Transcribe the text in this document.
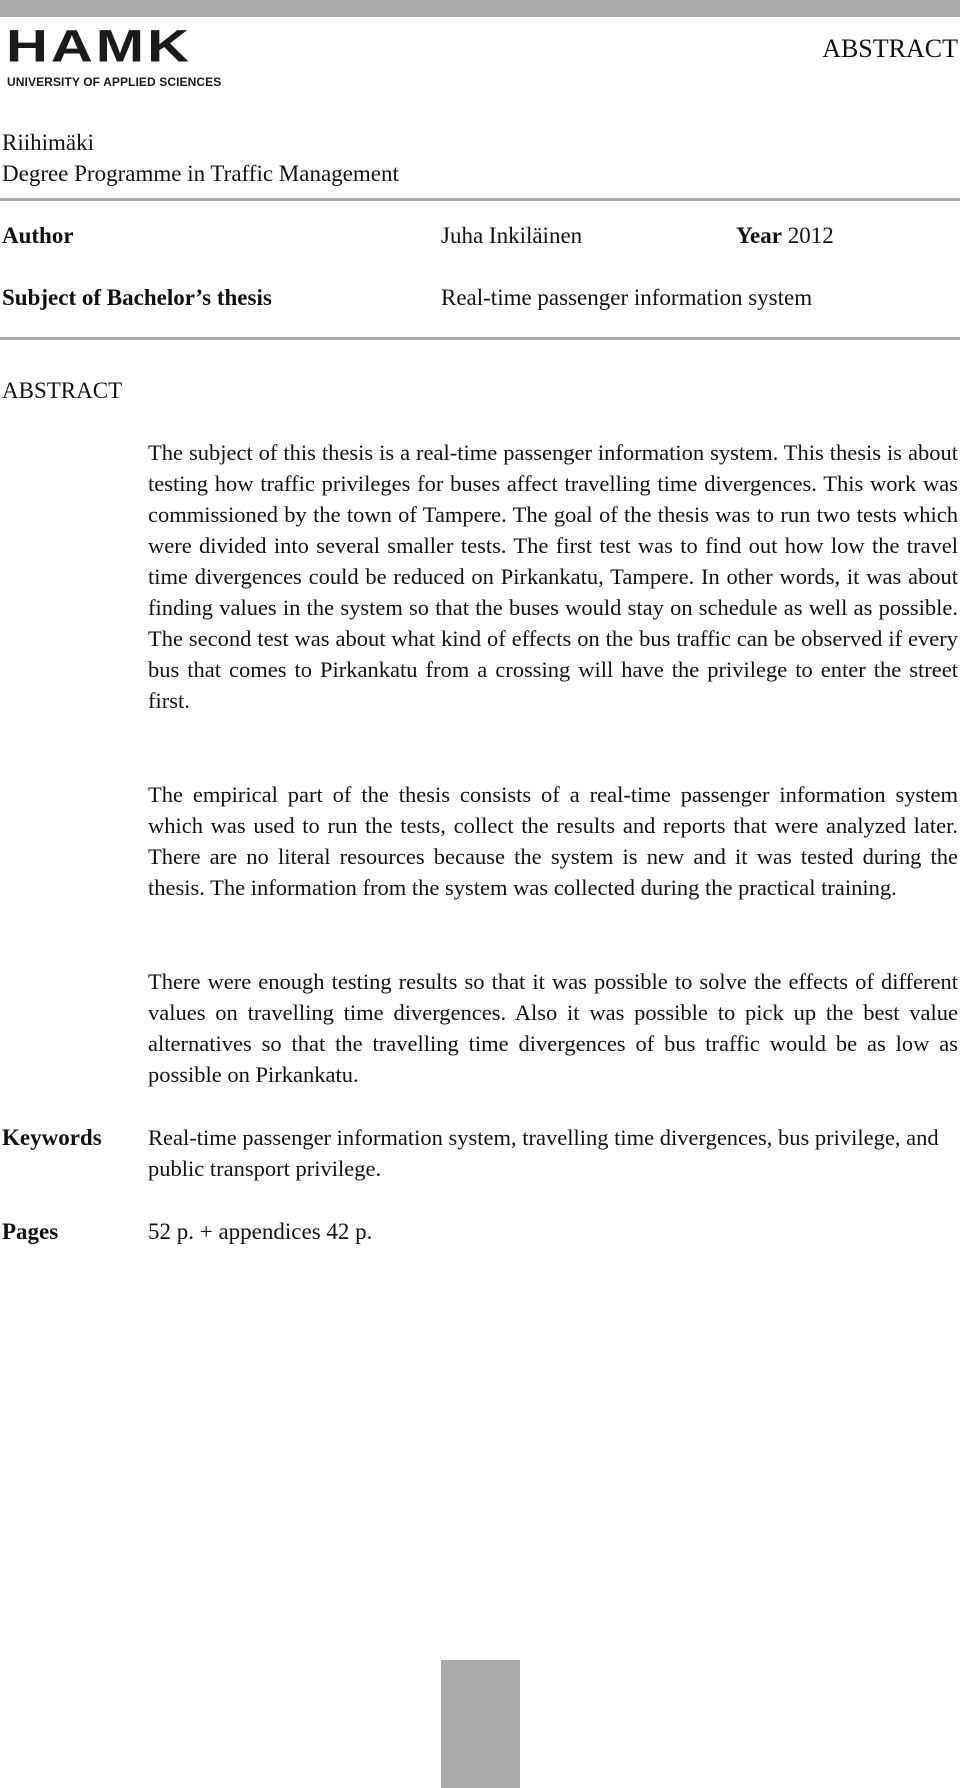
HAMK
UNIVERSITY OF APPLIED SCIENCES
ABSTRACT
Riihimäki
Degree Programme in Traffic Management
Author	Juha Inkiläinen	Year 2012
Subject of Bachelor’s thesis	Real-time passenger information system
ABSTRACT

The subject of this thesis is a real-time passenger information system. This thesis is about testing how traffic privileges for buses affect travelling time divergences. This work was commissioned by the town of Tampere. The goal of the thesis was to run two tests which were divided into several smaller tests. The first test was to find out how low the travel time divergences could be reduced on Pirkankatu, Tampere. In other words, it was about finding values in the system so that the buses would stay on schedule as well as possible. The second test was about what kind of effects on the bus traffic can be observed if every bus that comes to Pirkankatu from a crossing will have the privilege to enter the street first.

The empirical part of the thesis consists of a real-time passenger information system which was used to run the tests, collect the results and reports that were analyzed later. There are no literal resources because the system is new and it was tested during the thesis. The information from the system was collected during the practical training.

There were enough testing results so that it was possible to solve the effects of different values on travelling time divergences. Also it was possible to pick up the best value alternatives so that the travelling time divergences of bus traffic would be as low as possible on Pirkankatu.

Keywords Real-time passenger information system, travelling time divergences, bus privilege, and public transport privilege.

Pages	52 p. + appendices 42 p.
